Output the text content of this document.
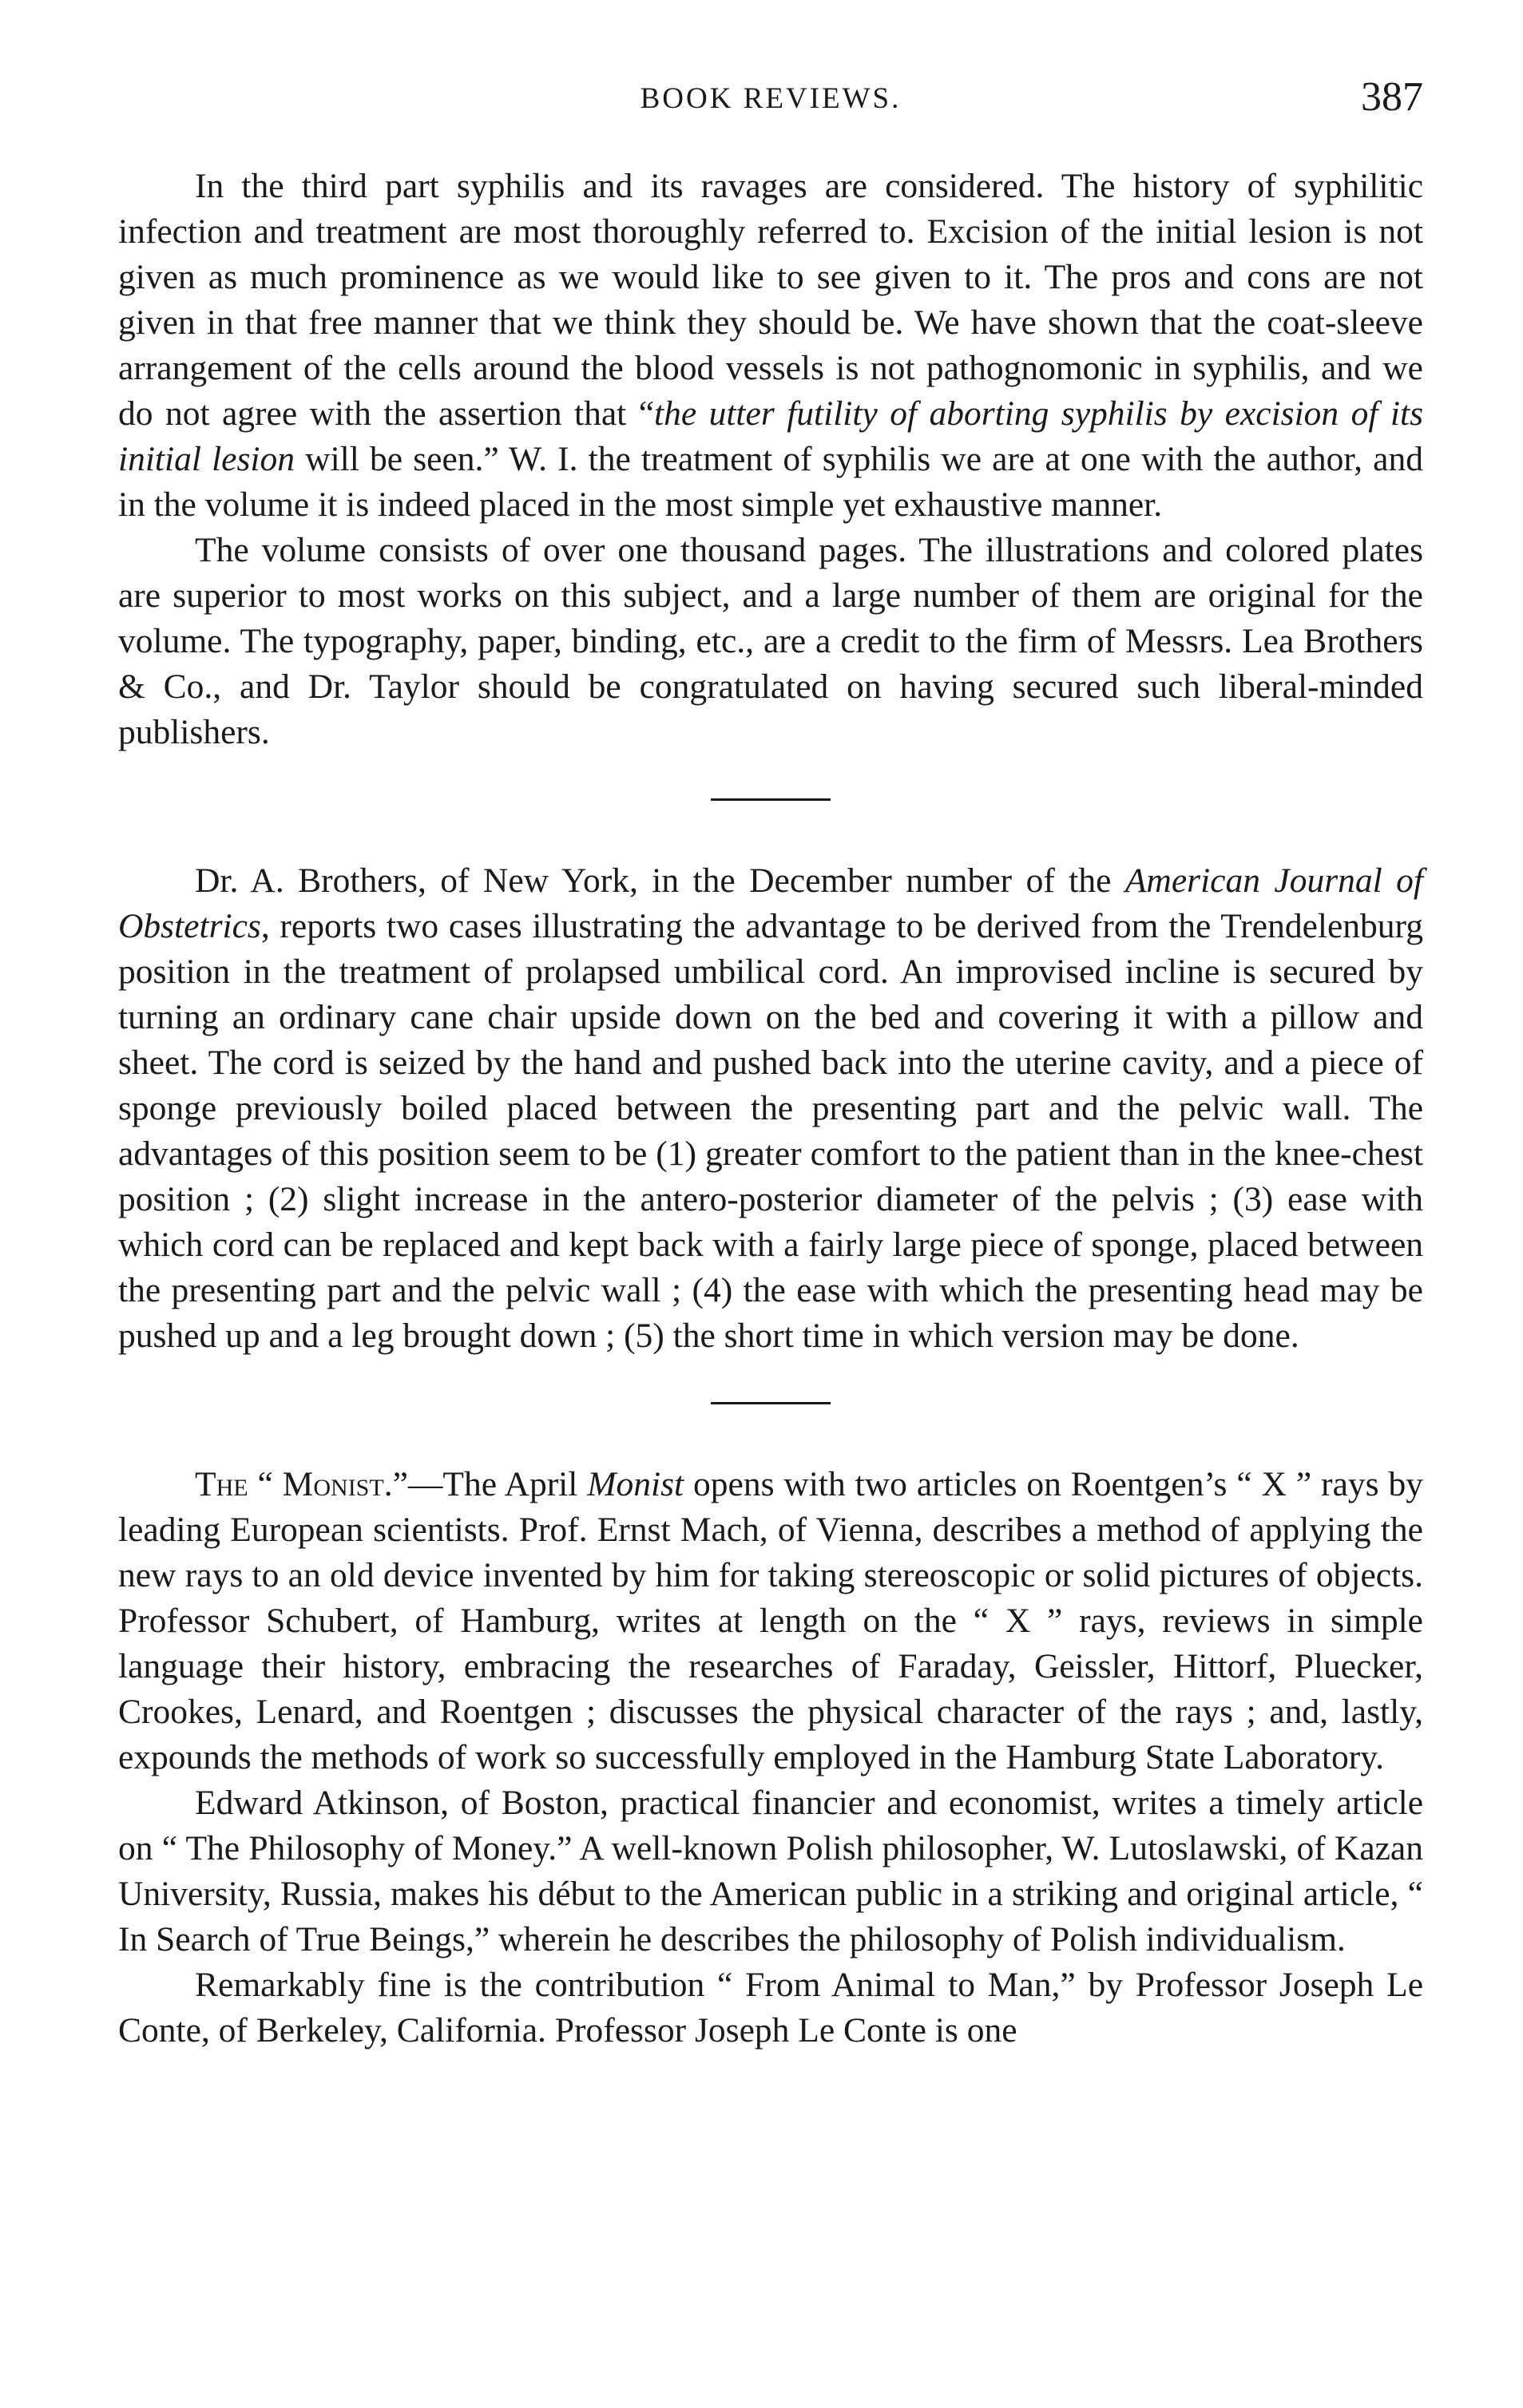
BOOK REVIEWS.	387

In the third part syphilis and its ravages are considered. The history of syphilitic infection and treatment are most thoroughly referred to. Excision of the initial lesion is not given as much prominence as we would like to see given to it. The pros and cons are not given in that free manner that we think they should be. We have shown that the coat-sleeve arrangement of the cells around the blood vessels is not pathognomonic in syphilis, and we do not agree with the assertion that “the utter futility of aborting syphilis by excision of its initial lesion will be seen.” W. I. the treatment of syphilis we are at one with the author, and in the volume it is indeed placed in the most simple yet exhaustive manner.

The volume consists of over one thousand pages. The illustrations and colored plates are superior to most works on this subject, and a large number of them are original for the volume. The typography, paper, binding, etc., are a credit to the firm of Messrs. Lea Brothers & Co., and Dr. Taylor should be congratulated on having secured such liberal-minded publishers.

Dr. A. Brothers, of New York, in the December number of the American Journal of Obstetrics, reports two cases illustrating the advantage to be derived from the Trendelenburg position in the treatment of prolapsed umbilical cord. An improvised incline is secured by turning an ordinary cane chair upside down on the bed and covering it with a pillow and sheet. The cord is seized by the hand and pushed back into the uterine cavity, and a piece of sponge previously boiled placed between the presenting part and the pelvic wall. The advantages of this position seem to be (1) greater comfort to the patient than in the knee-chest position ; (2) slight increase in the antero-posterior diameter of the pelvis ; (3) ease with which cord can be replaced and kept back with a fairly large piece of sponge, placed between the presenting part and the pelvic wall ; (4) the ease with which the presenting head may be pushed up and a leg brought down ; (5) the short time in which version may be done.

The “ Monist.”—The April Monist opens with two articles on Roentgen’s “ X ” rays by leading European scientists. Prof. Ernst Mach, of Vienna, describes a method of applying the new rays to an old device invented by him for taking stereoscopic or solid pictures of objects. Professor Schubert, of Hamburg, writes at length on the “ X ” rays, reviews in simple language their history, embracing the researches of Faraday, Geissler, Hittorf, Pluecker, Crookes, Lenard, and Roentgen ; discusses the physical character of the rays ; and, lastly, expounds the methods of work so successfully employed in the Hamburg State Laboratory.

Edward Atkinson, of Boston, practical financier and economist, writes a timely article on “ The Philosophy of Money.” A well-known Polish philosopher, W. Lutoslawski, of Kazan University, Russia, makes his début to the American public in a striking and original article, “ In Search of True Beings,” wherein he describes the philosophy of Polish individualism.

Remarkably fine is the contribution “ From Animal to Man,” by Professor Joseph Le Conte, of Berkeley, California. Professor Joseph Le Conte is one
